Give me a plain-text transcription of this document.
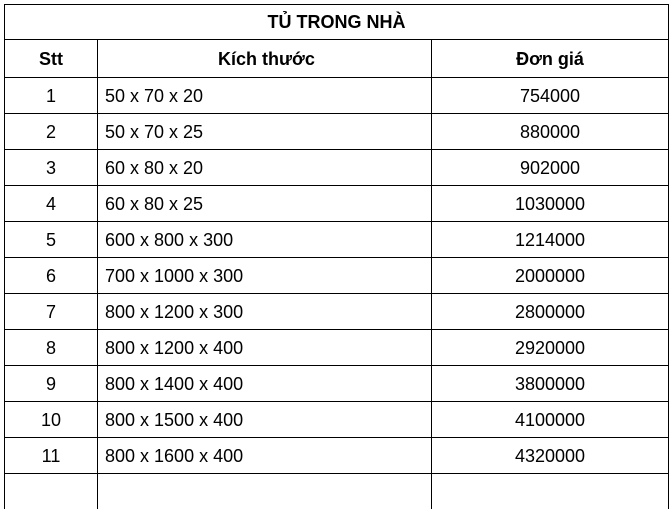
TỦ TRONG NHÀ		
Stt	Kích thước	Đơn giá
1	50 x 70 x 20	754000
2	50 x 70 x 25	880000
3	60 x 80 x 20	902000
4	60 x 80 x 25	1030000
5	600 x 800 x 300	1214000
6	700 x 1000 x 300	2000000
7	800 x 1200 x 300	2800000
8	800 x 1200 x 400	2920000
9	800 x 1400 x 400	3800000
10	800 x 1500 x 400	4100000
11	800 x 1600 x 400	4320000
